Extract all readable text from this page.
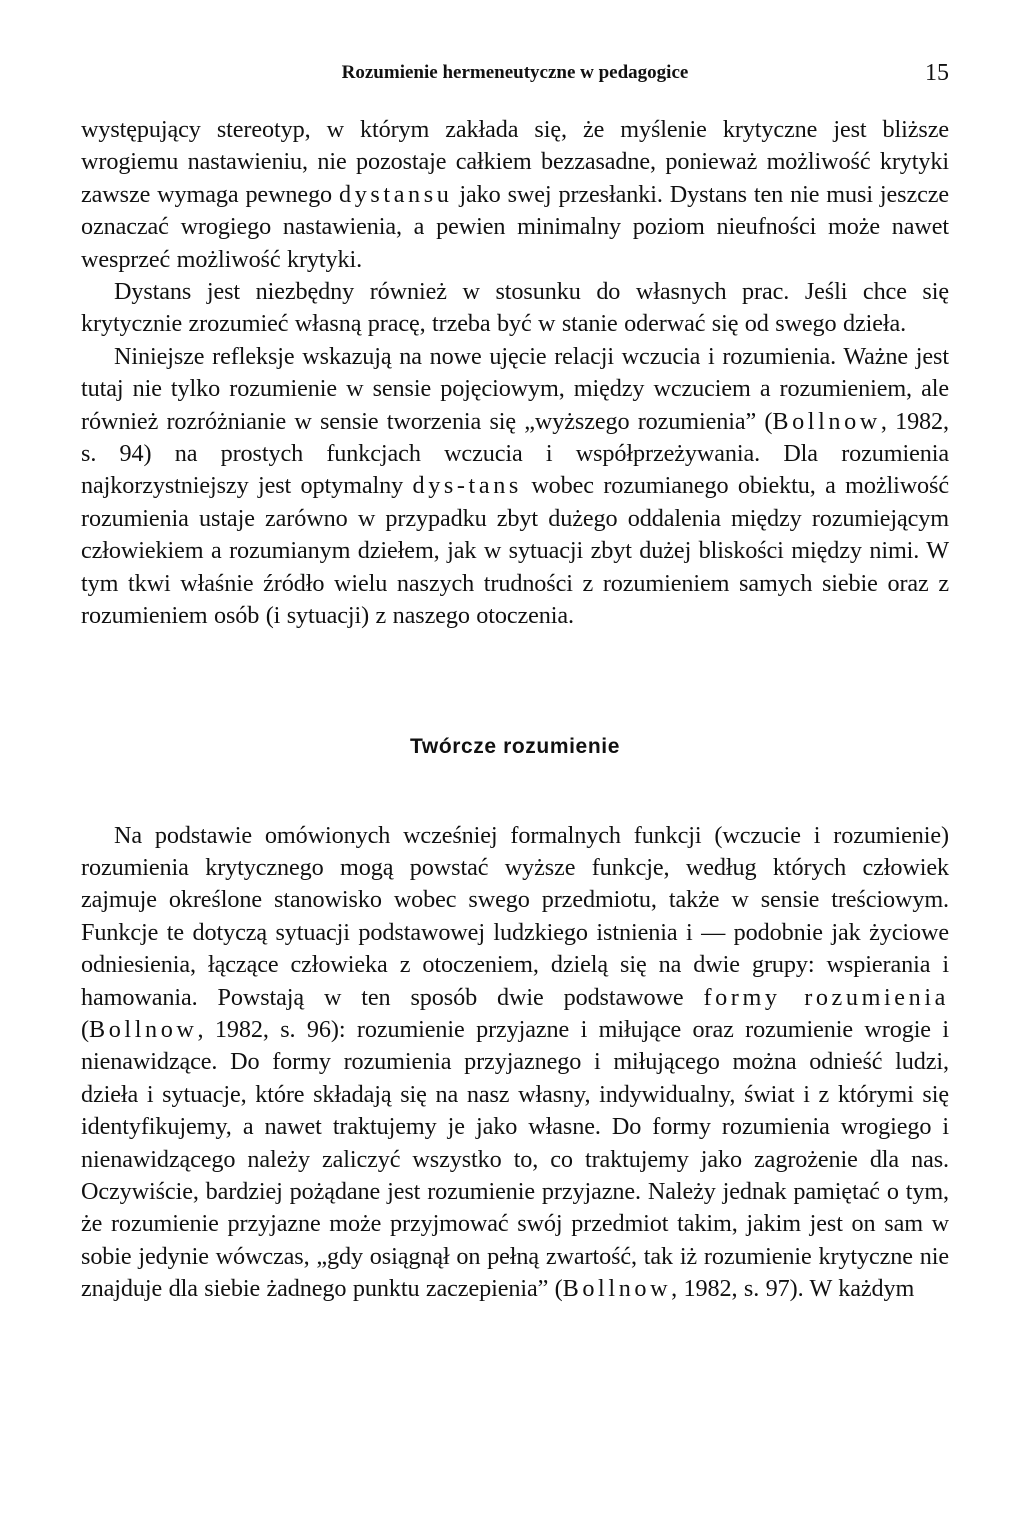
Rozumienie hermeneutyczne w pedagogice	15

występujący stereotyp, w którym zakłada się, że myślenie krytyczne jest bliższe wrogiemu nastawieniu, nie pozostaje całkiem bezzasadne, ponieważ możliwość krytyki zawsze wymaga pewnego dystansu jako swej przesłanki. Dystans ten nie musi jeszcze oznaczać wrogiego nastawienia, a pewien minimalny poziom nieufności może nawet wesprzeć możliwość krytyki.

Dystans jest niezbędny również w stosunku do własnych prac. Jeśli chce się krytycznie zrozumieć własną pracę, trzeba być w stanie oderwać się od swego dzieła.

Niniejsze refleksje wskazują na nowe ujęcie relacji wczucia i rozumienia. Ważne jest tutaj nie tylko rozumienie w sensie pojęciowym, między wczuciem a rozumieniem, ale również rozróżnianie w sensie tworzenia się „wyższego rozumienia” (Bollnow, 1982, s. 94) na prostych funkcjach wczucia i współprzeżywania. Dla rozumienia najkorzystniejszy jest optymalny dys-tans wobec rozumianego obiektu, a możliwość rozumienia ustaje zarówno w przypadku zbyt dużego oddalenia między rozumiejącym człowiekiem a rozumianym dziełem, jak w sytuacji zbyt dużej bliskości między nimi. W tym tkwi właśnie źródło wielu naszych trudności z rozumieniem samych siebie oraz z rozumieniem osób (i sytuacji) z naszego otoczenia.

Twórcze rozumienie

Na podstawie omówionych wcześniej formalnych funkcji (wczucie i rozumienie) rozumienia krytycznego mogą powstać wyższe funkcje, według których człowiek zajmuje określone stanowisko wobec swego przedmiotu, także w sensie treściowym. Funkcje te dotyczą sytuacji podstawowej ludzkiego istnienia i — podobnie jak życiowe odniesienia, łączące człowieka z otoczeniem, dzielą się na dwie grupy: wspierania i hamowania. Powstają w ten sposób dwie podstawowe formy rozumienia (Bollnow, 1982, s. 96): rozumienie przyjazne i miłujące oraz rozumienie wrogie i nienawidzące. Do formy rozumienia przyjaznego i miłującego można odnieść ludzi, dzieła i sytuacje, które składają się na nasz własny, indywidualny, świat i z którymi się identyfikujemy, a nawet traktujemy je jako własne. Do formy rozumienia wrogiego i nienawidzącego należy zaliczyć wszystko to, co traktujemy jako zagrożenie dla nas. Oczywiście, bardziej pożądane jest rozumienie przyjazne. Należy jednak pamiętać o tym, że rozumienie przyjazne może przyjmować swój przedmiot takim, jakim jest on sam w sobie jedynie wówczas, „gdy osiągnął on pełną zwartość, tak iż rozumienie krytyczne nie znajduje dla siebie żadnego punktu zaczepienia” (Bollnow, 1982, s. 97). W każdym
